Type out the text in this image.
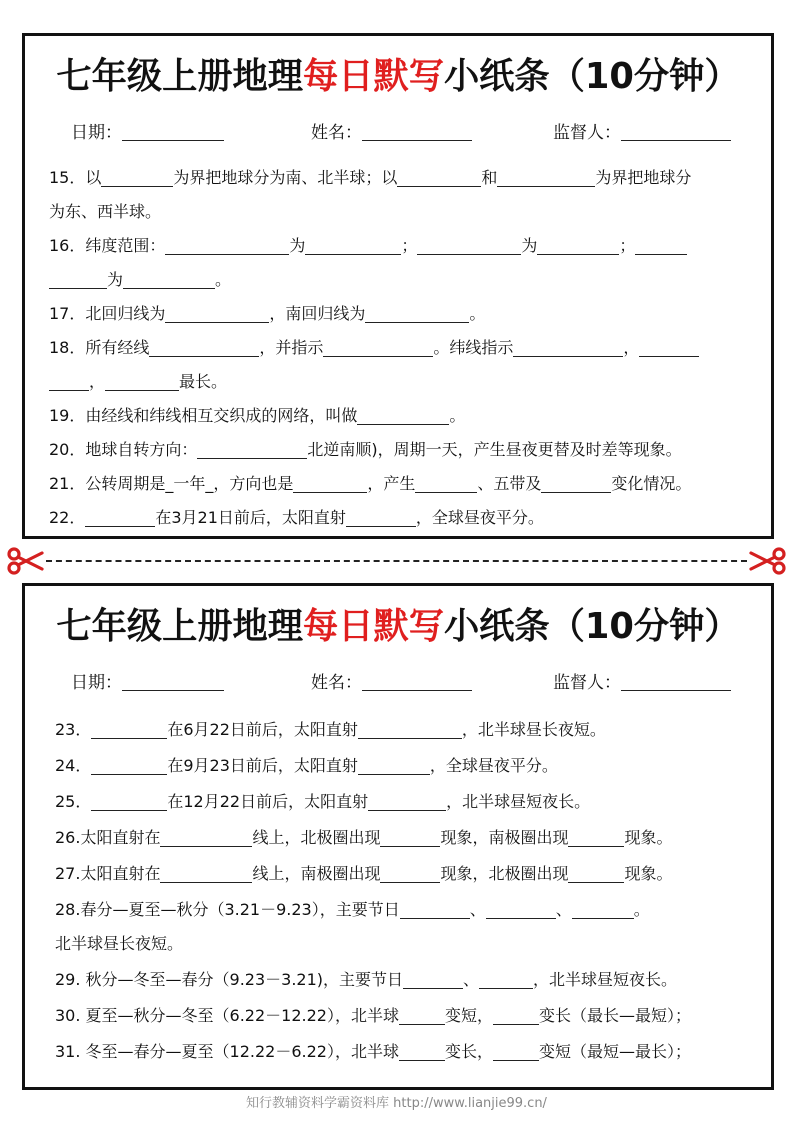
七年级上册地理每日默写小纸条（10分钟）
日期：	姓名：	监督人：
15．以	为界把地球分为南、北半球；以	和	为界把地球分
为东、西半球。
16．纬度范围：	为	；	为	；
为	。
17．北回归线为	，南回归线为	。
18．所有经线	，并指示	。纬线指示	，
，	最长。
19．由经线和纬线相互交织成的网络，叫做	。
20．地球自转方向：	北逆南顺)，周期一天，产生昼夜更替及时差等现象。
21．公转周期是_一年_，方向也是	，产生	、五带及	变化情况。
22．	在3月21日前后，太阳直射	，全球昼夜平分。
七年级上册地理每日默写小纸条（10分钟）
日期：	姓名：	监督人：
23．	在6月22日前后，太阳直射	，北半球昼长夜短。
24．	在9月23日前后，太阳直射	，全球昼夜平分。
25．	在12月22日前后，太阳直射	，北半球昼短夜长。
26.太阳直射在	线上，北极圈出现	现象，南极圈出现	现象。
27.太阳直射在	线上，南极圈出现	现象，北极圈出现	现象。
28.春分—夏至—秋分（3.21－9.23），主要节日	、	、	。
北半球昼长夜短。
29. 秋分—冬至—春分（9.23－3.21)，主要节日	、	，北半球昼短夜长。
30. 夏至—秋分—冬至（6.22－12.22），北半球	变短，	变长（最长—最短）；
31. 冬至—春分—夏至（12.22－6.22），北半球	变长，	变短（最短—最长）；
知行教辅资料学霸资料库 http://www.lianjie99.cn/
